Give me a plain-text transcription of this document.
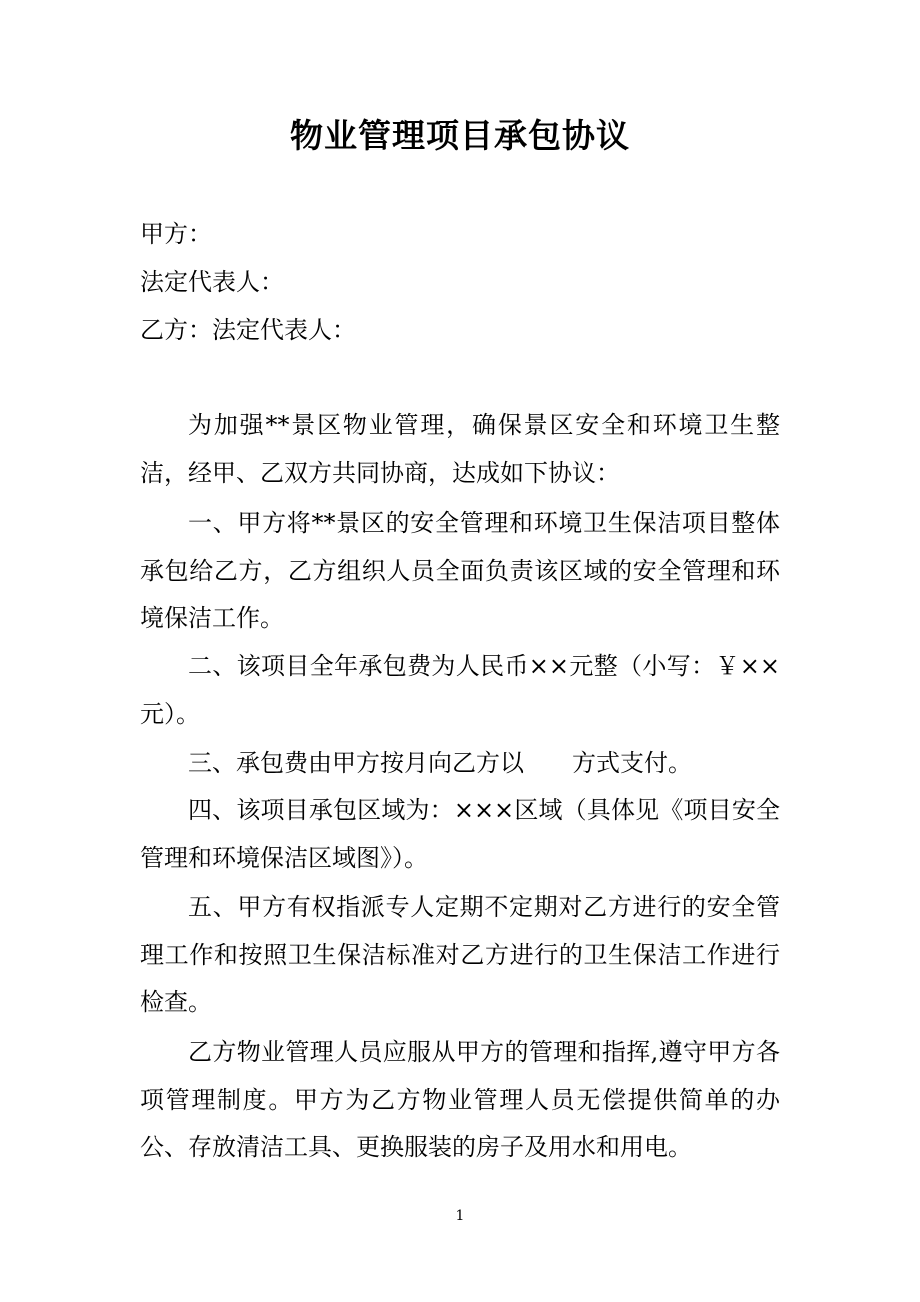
物业管理项目承包协议
甲方：
法定代表人：
乙方：法定代表人：

为加强**景区物业管理，确保景区安全和环境卫生整洁，经甲、乙双方共同协商，达成如下协议：

一、甲方将**景区的安全管理和环境卫生保洁项目整体承包给乙方，乙方组织人员全面负责该区域的安全管理和环境保洁工作。

二、该项目全年承包费为人民币××元整（小写：￥××元）。

三、承包费由甲方按月向乙方以　　方式支付。

四、该项目承包区域为：×××区域（具体见《项目安全管理和环境保洁区域图》）。

五、甲方有权指派专人定期不定期对乙方进行的安全管理工作和按照卫生保洁标准对乙方进行的卫生保洁工作进行检查。

乙方物业管理人员应服从甲方的管理和指挥,遵守甲方各项管理制度。甲方为乙方物业管理人员无偿提供简单的办公、存放清洁工具、更换服装的房子及用水和用电。

1
